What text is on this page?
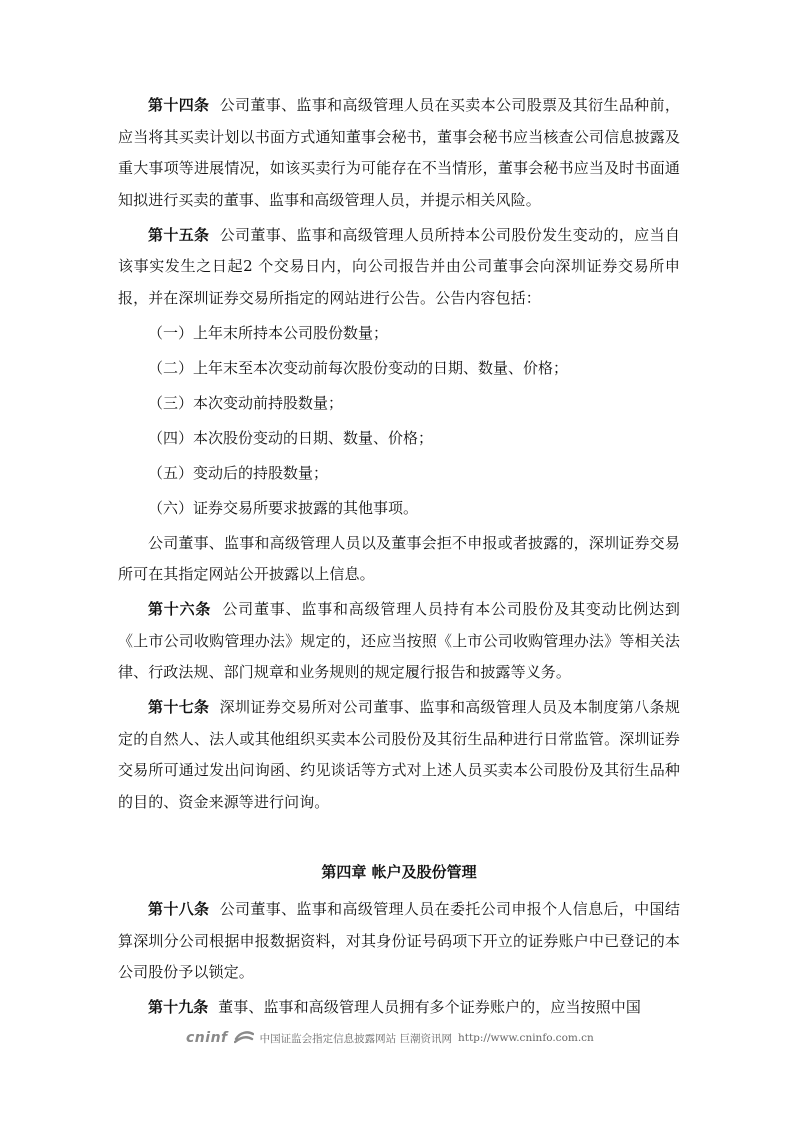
第十四条 公司董事、监事和高级管理人员在买卖本公司股票及其衍生品种前，应当将其买卖计划以书面方式通知董事会秘书，董事会秘书应当核查公司信息披露及重大事项等进展情况，如该买卖行为可能存在不当情形，董事会秘书应当及时书面通知拟进行买卖的董事、监事和高级管理人员，并提示相关风险。

第十五条 公司董事、监事和高级管理人员所持本公司股份发生变动的，应当自该事实发生之日起2 个交易日内，向公司报告并由公司董事会向深圳证券交易所申报，并在深圳证券交易所指定的网站进行公告。公告内容包括：

（一）上年末所持本公司股份数量；

（二）上年末至本次变动前每次股份变动的日期、数量、价格；

（三）本次变动前持股数量；

（四）本次股份变动的日期、数量、价格；

（五）变动后的持股数量；

（六）证券交易所要求披露的其他事项。

公司董事、监事和高级管理人员以及董事会拒不申报或者披露的，深圳证券交易所可在其指定网站公开披露以上信息。

第十六条 公司董事、监事和高级管理人员持有本公司股份及其变动比例达到《上市公司收购管理办法》规定的，还应当按照《上市公司收购管理办法》等相关法律、行政法规、部门规章和业务规则的规定履行报告和披露等义务。

第十七条 深圳证券交易所对公司董事、监事和高级管理人员及本制度第八条规定的自然人、法人或其他组织买卖本公司股份及其衍生品种进行日常监管。深圳证券交易所可通过发出问询函、约见谈话等方式对上述人员买卖本公司股份及其衍生品种的目的、资金来源等进行问询。

第四章 帐户及股份管理

第十八条 公司董事、监事和高级管理人员在委托公司申报个人信息后，中国结算深圳分公司根据申报数据资料，对其身份证号码项下开立的证券账户中已登记的本公司股份予以锁定。

第十九条 董事、监事和高级管理人员拥有多个证券账户的，应当按照中国

cninf	中国证监会指定信息披露网站 巨潮资讯网 http://www.cninfo.com.cn
